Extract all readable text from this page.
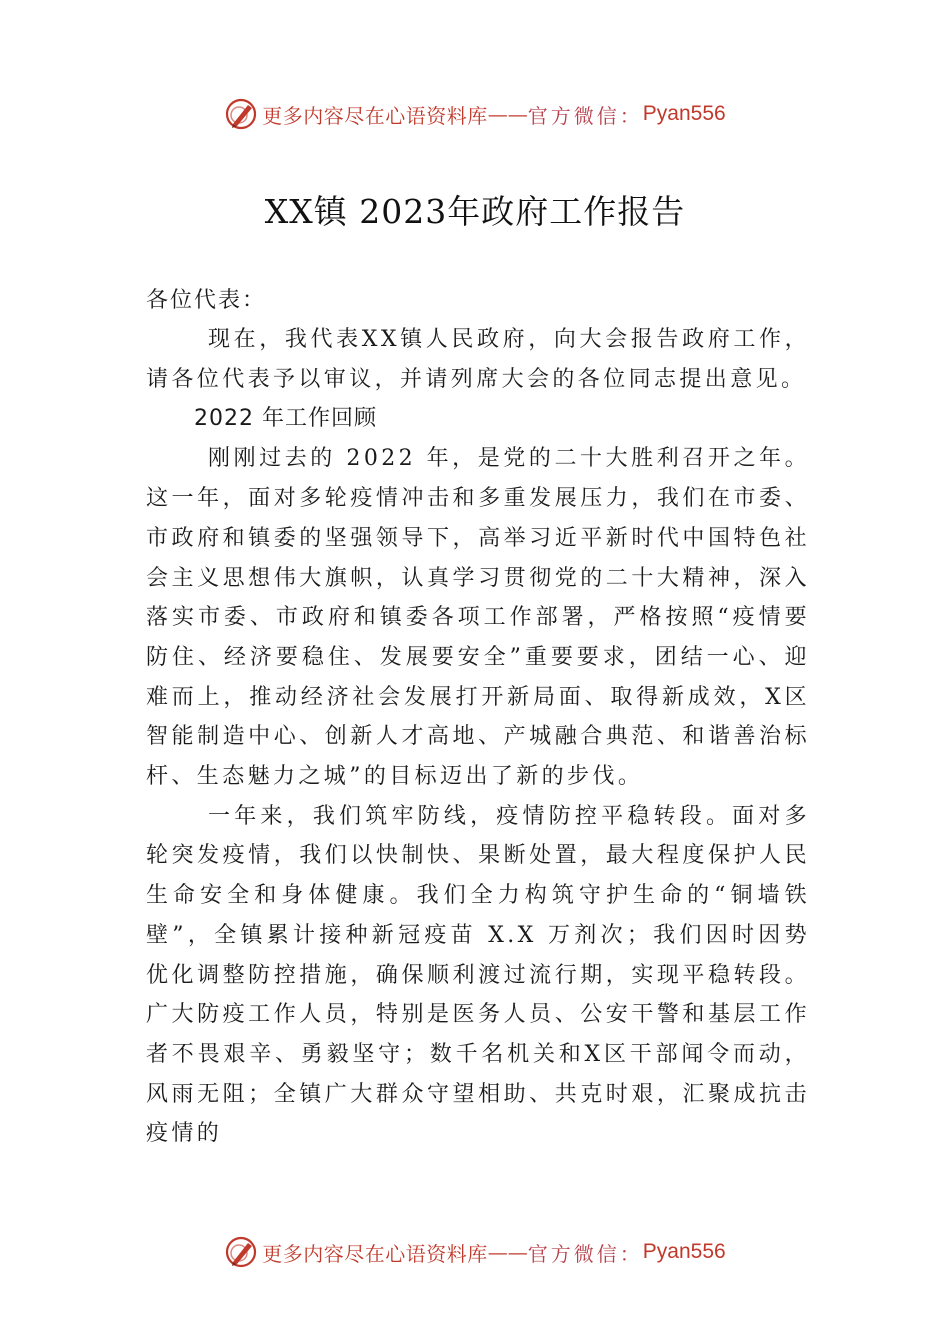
更多内容尽在心语资料库 —— 官方微信： Pyan556
XX镇 2023年政府工作报告

各位代表：

现在，我代表XX镇人民政府，向大会报告政府工作， 请各位代表予以审议，并请列席大会的各位同志提出意见。

2022 年工作回顾

刚刚过去的 2022 年，是党的二十大胜利召开之年。这一年，面对多轮疫情冲击和多重发展压力，我们在市委、市政府和镇委的坚强领导下，高举习近平新时代中国特色社会主义思想伟大旗帜，认真学习贯彻党的二十大精神，深入落实市委、市政府和镇委各项工作部署，严格按照“疫情要防住、经济要稳住、发展要安全”重要要求，团结一心、迎难而上，推动经济社会发展打开新局面、取得新成效，X区智能制造中心、创新人才高地、产城融合典范、和谐善治标杆、生态魅力之城”的目标迈出了新的步伐。

一年来，我们筑牢防线，疫情防控平稳转段。面对多轮突发疫情，我们以快制快、果断处置，最大程度保护人民生命安全和身体健康。我们全力构筑守护生命的“铜墙铁壁”，全镇累计接种新冠疫苗 X.X 万剂次；我们因时因势优化调整防控措施，确保顺利渡过流行期，实现平稳转段。广大防疫工作人员，特别是医务人员、公安干警和基层工作者不畏艰辛、勇毅坚守；数千名机关和X区干部闻令而动，风雨无阻；全镇广大群众守望相助、共克时艰，汇聚成抗击疫情的

更多内容尽在心语资料库 —— 官方微信： Pyan556
